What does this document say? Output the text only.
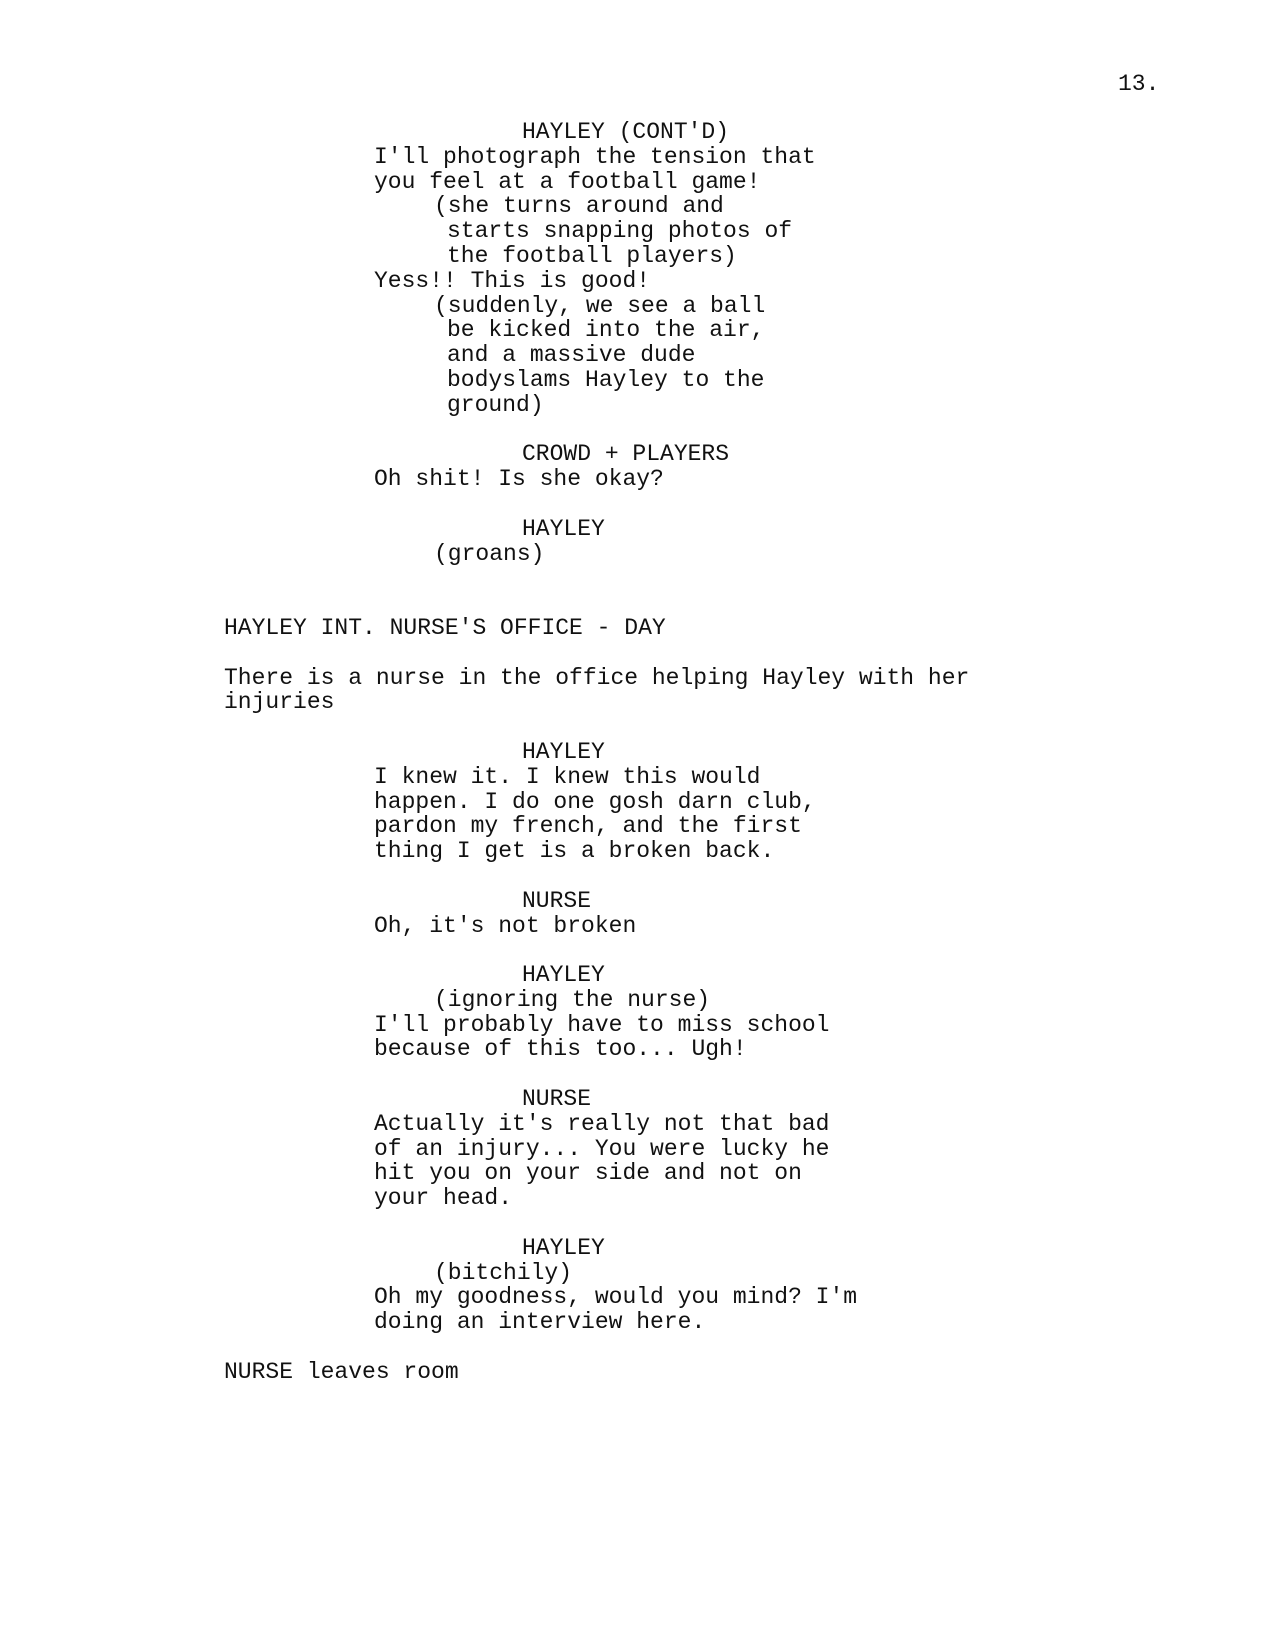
13.
HAYLEY (CONT'D)
I'll photograph the tension that
you feel at a football game!
(she turns around and
starts snapping photos of
the football players)
Yess!! This is good!
(suddenly, we see a ball
be kicked into the air,
and a massive dude
bodyslams Hayley to the
ground)
CROWD + PLAYERS
Oh shit! Is she okay?
HAYLEY
(groans)
HAYLEY INT. NURSE'S OFFICE - DAY
There is a nurse in the office helping Hayley with her
injuries
HAYLEY
I knew it. I knew this would
happen. I do one gosh darn club,
pardon my french, and the first
thing I get is a broken back.
NURSE
Oh, it's not broken
HAYLEY
(ignoring the nurse)
I'll probably have to miss school
because of this too... Ugh!
NURSE
Actually it's really not that bad
of an injury... You were lucky he
hit you on your side and not on
your head.
HAYLEY
(bitchily)
Oh my goodness, would you mind? I'm
doing an interview here.
NURSE leaves room
